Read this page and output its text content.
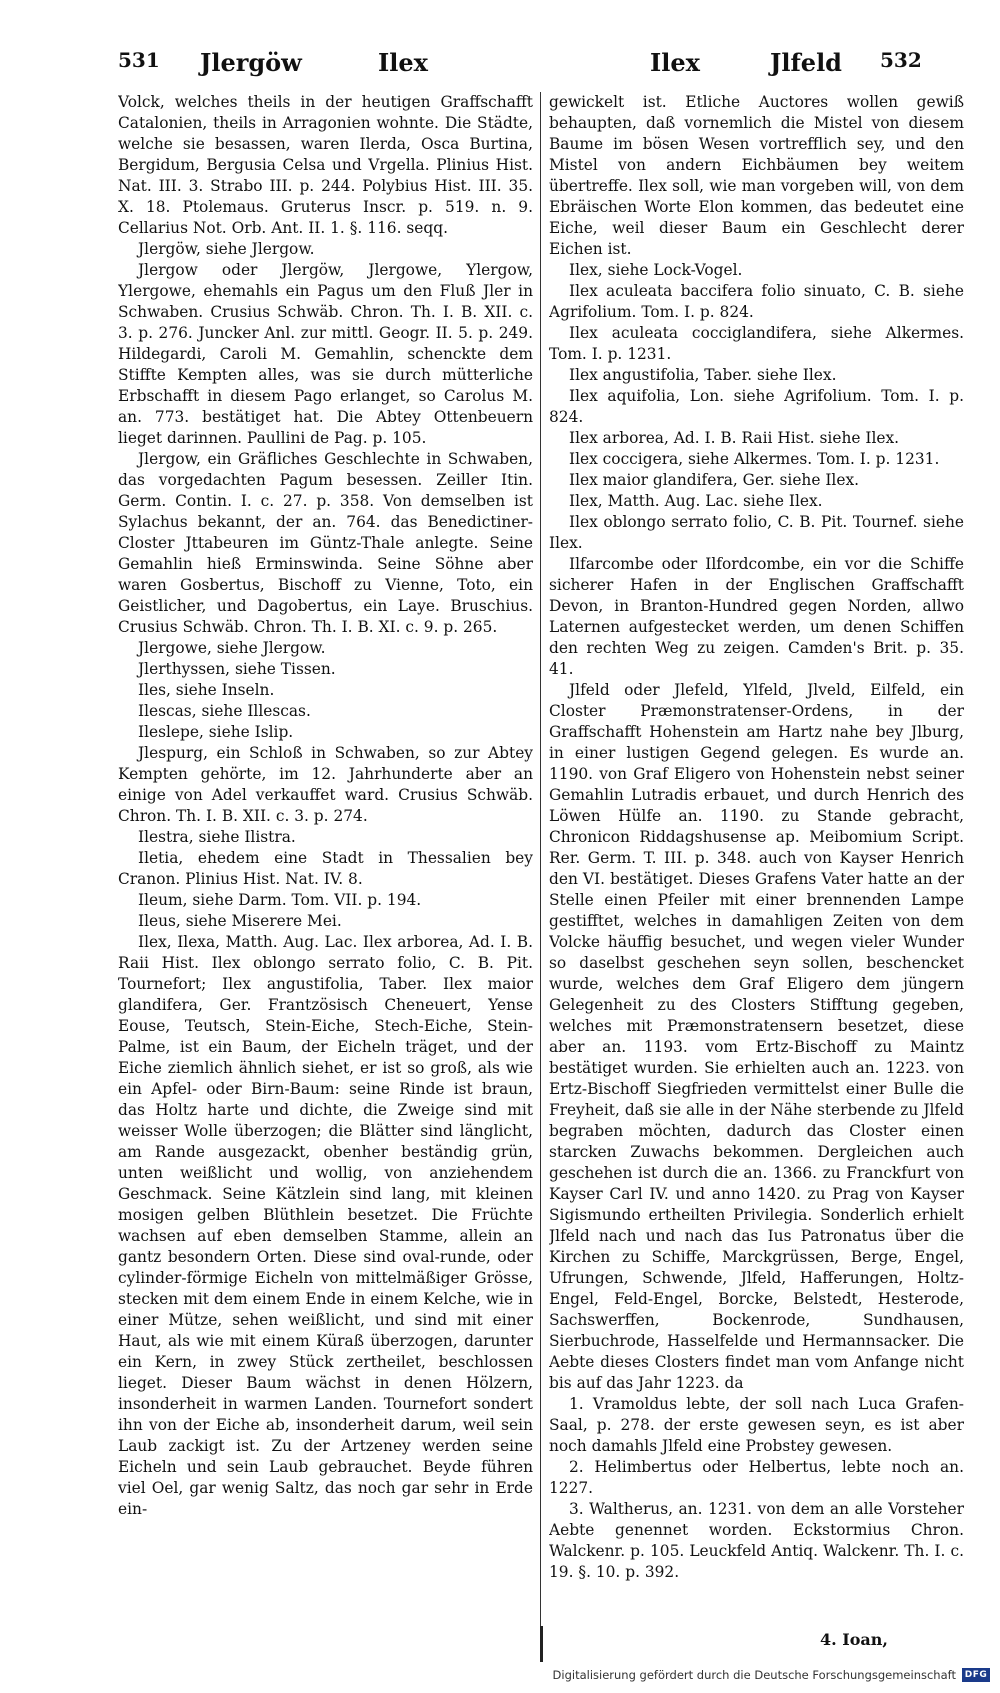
531 Jlergöw	Ilex	Ilex	Jlfeld 532

Volck, welches theils in der heutigen Graffschafft Catalonien, theils in Arragonien wohnte. Die Städte, welche sie besassen, waren Ilerda, Osca Burtina, Bergidum, Bergusia Celsa und Vrgella. Plinius Hist. Nat. III. 3. Strabo III. p. 244. Polybius Hist. III. 35. X. 18. Ptolemaus. Gruterus Inscr. p. 519. n. 9. Cellarius Not. Orb. Ant. II. 1. §. 116. seqq.

Jlergöw, siehe Jlergow.

Jlergow oder Jlergöw, Jlergowe, Ylergow, Ylergowe, ehemahls ein Pagus um den Fluß Jler in Schwaben. Crusius Schwäb. Chron. Th. I. B. XII. c. 3. p. 276. Juncker Anl. zur mittl. Geogr. II. 5. p. 249. Hildegardi, Caroli M. Gemahlin, schenckte dem Stiffte Kempten alles, was sie durch mütterliche Erbschafft in diesem Pago erlanget, so Carolus M. an. 773. bestätiget hat. Die Abtey Ottenbeuern lieget darinnen. Paullini de Pag. p. 105.

Jlergow, ein Gräfliches Geschlechte in Schwaben, das vorgedachten Pagum besessen. Zeiller Itin. Germ. Contin. I. c. 27. p. 358. Von demselben ist Sylachus bekannt, der an. 764. das Benedictiner-Closter Jttabeuren im Güntz-Thale anlegte. Seine Gemahlin hieß Erminswinda. Seine Söhne aber waren Gosbertus, Bischoff zu Vienne, Toto, ein Geistlicher, und Dagobertus, ein Laye. Bruschius. Crusius Schwäb. Chron. Th. I. B. XI. c. 9. p. 265.

Jlergowe, siehe Jlergow.

Jlerthyssen, siehe Tissen.

Iles, siehe Inseln.

Ilescas, siehe Illescas.

Ileslepe, siehe Islip.

Jlespurg, ein Schloß in Schwaben, so zur Abtey Kempten gehörte, im 12. Jahrhunderte aber an einige von Adel verkauffet ward. Crusius Schwäb. Chron. Th. I. B. XII. c. 3. p. 274.

Ilestra, siehe Ilistra.

Iletia, ehedem eine Stadt in Thessalien bey Cranon. Plinius Hist. Nat. IV. 8.

Ileum, siehe Darm. Tom. VII. p. 194.

Ileus, siehe Miserere Mei.

Ilex, Ilexa, Matth. Aug. Lac. Ilex arborea, Ad. I. B. Raii Hist. Ilex oblongo serrato folio, C. B. Pit. Tournefort; Ilex angustifolia, Taber. Ilex maior glandifera, Ger. Frantzösisch Cheneuert, Yense Eouse, Teutsch, Stein-Eiche, Stech-Eiche, Stein-Palme, ist ein Baum, der Eicheln träget, und der Eiche ziemlich ähnlich siehet, er ist so groß, als wie ein Apfel- oder Birn-Baum: seine Rinde ist braun, das Holtz harte und dichte, die Zweige sind mit weisser Wolle überzogen; die Blätter sind länglicht, am Rande ausgezackt, obenher beständig grün, unten weißlicht und wollig, von anziehendem Geschmack. Seine Kätzlein sind lang, mit kleinen mosigen gelben Blüthlein besetzet. Die Früchte wachsen auf eben demselben Stamme, allein an gantz besondern Orten. Diese sind oval-runde, oder cylinder-förmige Eicheln von mittelmäßiger Grösse, stecken mit dem einem Ende in einem Kelche, wie in einer Mütze, sehen weißlicht, und sind mit einer Haut, als wie mit einem Küraß überzogen, darunter ein Kern, in zwey Stück zertheilet, beschlossen lieget. Dieser Baum wächst in denen Hölzern, insonderheit in warmen Landen. Tournefort sondert ihn von der Eiche ab, insonderheit darum, weil sein Laub zackigt ist. Zu der Artzeney werden seine Eicheln und sein Laub gebrauchet. Beyde führen viel Oel, gar wenig Saltz, das noch gar sehr in Erde ein-

gewickelt ist. Etliche Auctores wollen gewiß behaupten, daß vornemlich die Mistel von diesem Baume im bösen Wesen vortrefflich sey, und den Mistel von andern Eichbäumen bey weitem übertreffe. Ilex soll, wie man vorgeben will, von dem Ebräischen Worte Elon kommen, das bedeutet eine Eiche, weil dieser Baum ein Geschlecht derer Eichen ist.

Ilex, siehe Lock-Vogel.

Ilex aculeata baccifera folio sinuato, C. B. siehe Agrifolium. Tom. I. p. 824.

Ilex aculeata cocciglandifera, siehe Alkermes. Tom. I. p. 1231.

Ilex angustifolia, Taber. siehe Ilex.

Ilex aquifolia, Lon. siehe Agrifolium. Tom. I. p. 824.

Ilex arborea, Ad. I. B. Raii Hist. siehe Ilex.

Ilex coccigera, siehe Alkermes. Tom. I. p. 1231.

Ilex maior glandifera, Ger. siehe Ilex.

Ilex, Matth. Aug. Lac. siehe Ilex.

Ilex oblongo serrato folio, C. B. Pit. Tournef. siehe Ilex.

Ilfarcombe oder Ilfordcombe, ein vor die Schiffe sicherer Hafen in der Englischen Graffschafft Devon, in Branton-Hundred gegen Norden, allwo Laternen aufgestecket werden, um denen Schiffen den rechten Weg zu zeigen. Camden's Brit. p. 35. 41.

Jlfeld oder Jlefeld, Ylfeld, Jlveld, Eilfeld, ein Closter Præmonstratenser-Ordens, in der Graffschafft Hohenstein am Hartz nahe bey Jlburg, in einer lustigen Gegend gelegen. Es wurde an. 1190. von Graf Eligero von Hohenstein nebst seiner Gemahlin Lutradis erbauet, und durch Henrich des Löwen Hülfe an. 1190. zu Stande gebracht, Chronicon Riddagshusense ap. Meibomium Script. Rer. Germ. T. III. p. 348. auch von Kayser Henrich den VI. bestätiget. Dieses Grafens Vater hatte an der Stelle einen Pfeiler mit einer brennenden Lampe gestifftet, welches in damahligen Zeiten von dem Volcke häuffig besuchet, und wegen vieler Wunder so daselbst geschehen seyn sollen, beschencket wurde, welches dem Graf Eligero dem jüngern Gelegenheit zu des Closters Stifftung gegeben, welches mit Præmonstratensern besetzet, diese aber an. 1193. vom Ertz-Bischoff zu Maintz bestätiget wurden. Sie erhielten auch an. 1223. von Ertz-Bischoff Siegfrieden vermittelst einer Bulle die Freyheit, daß sie alle in der Nähe sterbende zu Jlfeld begraben möchten, dadurch das Closter einen starcken Zuwachs bekommen. Dergleichen auch geschehen ist durch die an. 1366. zu Franckfurt von Kayser Carl IV. und anno 1420. zu Prag von Kayser Sigismundo ertheilten Privilegia. Sonderlich erhielt Jlfeld nach und nach das Ius Patronatus über die Kirchen zu Schiffe, Marckgrüssen, Berge, Engel, Ufrungen, Schwende, Jlfeld, Hafferungen, Holtz-Engel, Feld-Engel, Borcke, Belstedt, Hesterode, Sachswerffen, Bockenrode, Sundhausen, Sierbuchrode, Hasselfelde und Hermannsacker. Die Aebte dieses Closters findet man vom Anfange nicht bis auf das Jahr 1223. da

1. Vramoldus lebte, der soll nach Luca Grafen-Saal, p. 278. der erste gewesen seyn, es ist aber noch damahls Jlfeld eine Probstey gewesen.

2. Helimbertus oder Helbertus, lebte noch an. 1227.

3. Waltherus, an. 1231. von dem an alle Vorsteher Aebte genennet worden. Eckstormius Chron. Walckenr. p. 105. Leuckfeld Antiq. Walckenr. Th. I. c. 19. §. 10. p. 392.

4. Ioan,
Digitalisierung gefördert durch die Deutsche Forschungsgemeinschaft DFG
